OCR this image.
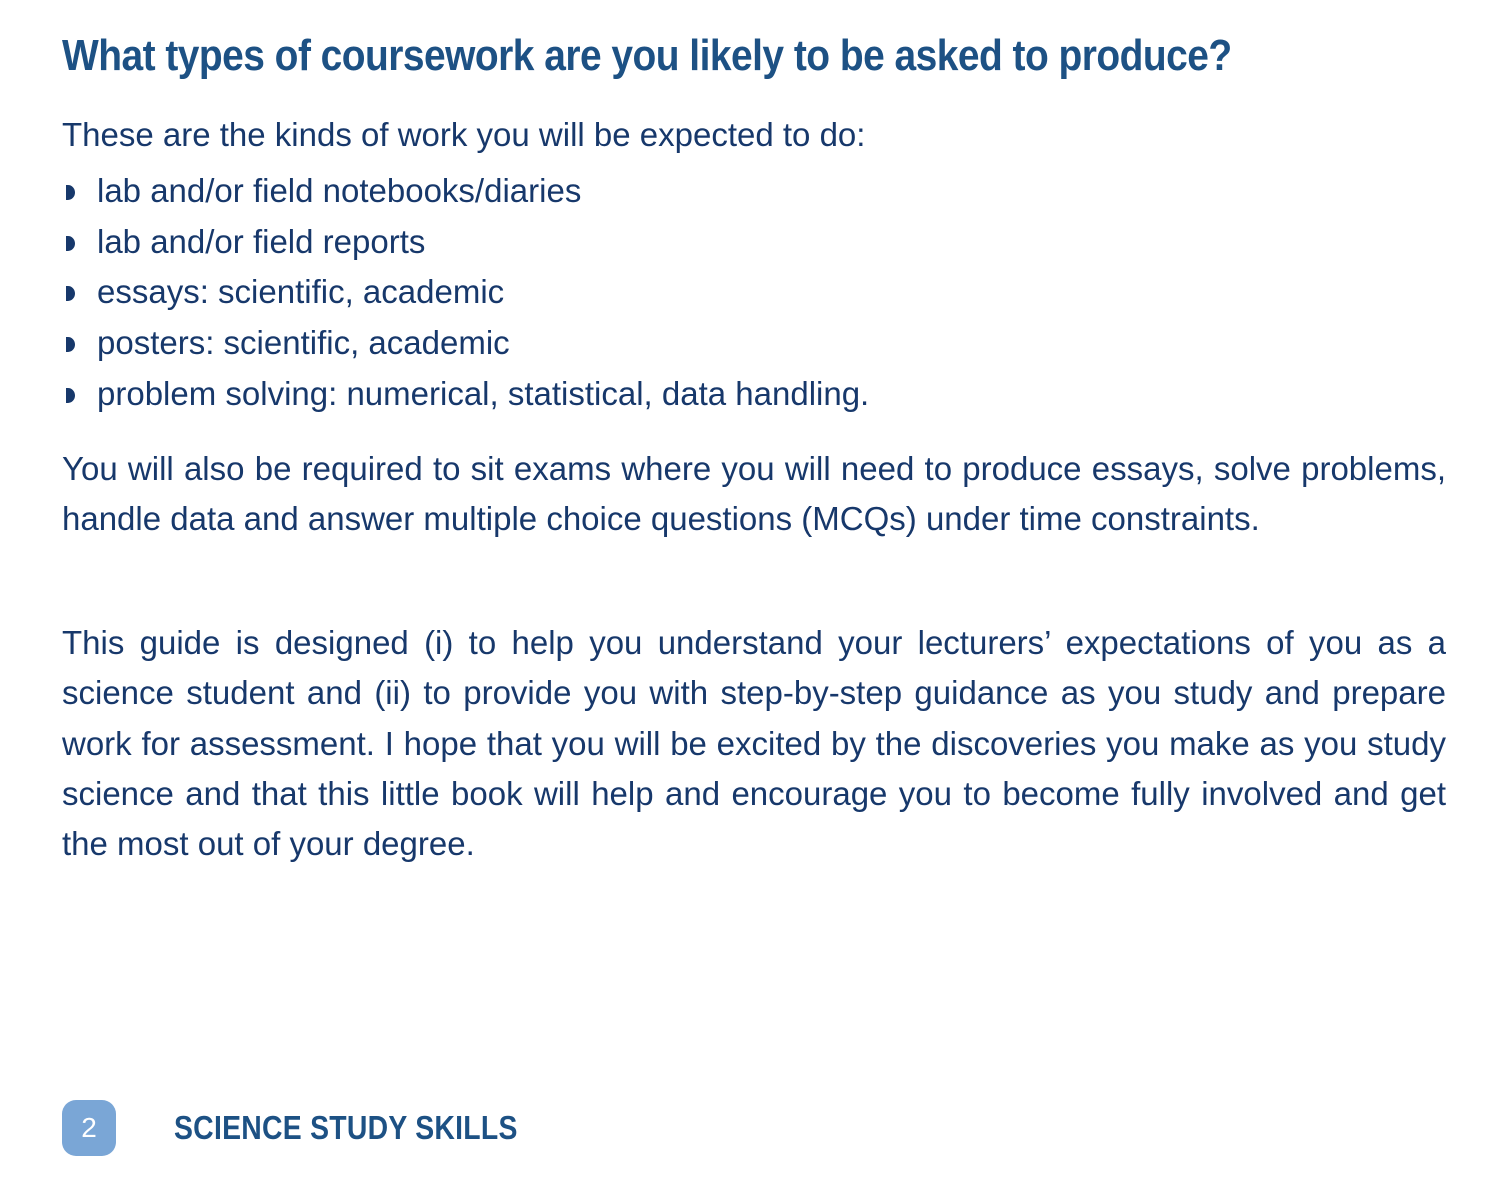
What types of coursework are you likely to be asked to produce?

These are the kinds of work you will be expected to do:

lab and/or field notebooks/diaries
lab and/or field reports
essays: scientific, academic
posters: scientific, academic
problem solving: numerical, statistical, data handling.

You will also be required to sit exams where you will need to produce essays, solve problems, handle data and answer multiple choice questions (MCQs) under time constraints.

This guide is designed (i) to help you understand your lecturers’ expectations of you as a science student and (ii) to provide you with step-by-step guidance as you study and prepare work for assessment. I hope that you will be excited by the discoveries you make as you study science and that this little book will help and encourage you to become fully involved and get the most out of your degree.

2	SCIENCE STUDY SKILLS
